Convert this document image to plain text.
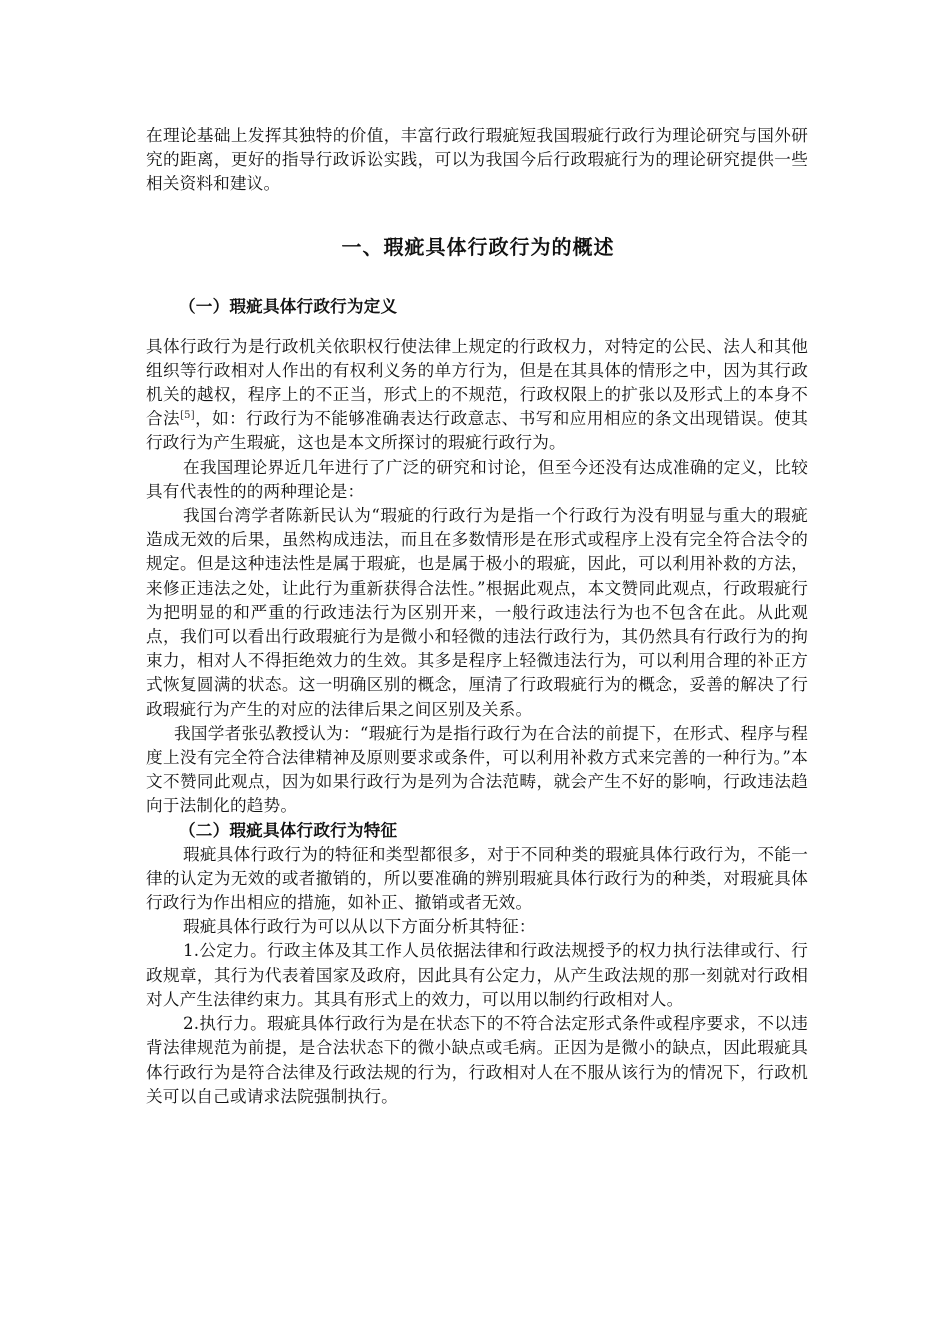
在理论基础上发挥其独特的价值，丰富行政行瑕疵短我国瑕疵行政行为理论研究与国外研究的距离，更好的指导行政诉讼实践，可以为我国今后行政瑕疵行为的理论研究提供一些相关资料和建议。

一、瑕疵具体行政行为的概述

（一）瑕疵具体行政行为定义

具体行政行为是行政机关依职权行使法律上规定的行政权力，对特定的公民、法人和其他组织等行政相对人作出的有权利义务的单方行为，但是在其具体的情形之中，因为其行政机关的越权，程序上的不正当，形式上的不规范，行政权限上的扩张以及形式上的本身不合法[5]，如：行政行为不能够准确表达行政意志、书写和应用相应的条文出现错误。使其行政行为产生瑕疵，这也是本文所探讨的瑕疵行政行为。

在我国理论界近几年进行了广泛的研究和讨论，但至今还没有达成准确的定义，比较具有代表性的的两种理论是：

我国台湾学者陈新民认为“瑕疵的行政行为是指一个行政行为没有明显与重大的瑕疵造成无效的后果，虽然构成违法，而且在多数情形是在形式或程序上没有完全符合法令的规定。但是这种违法性是属于瑕疵，也是属于极小的瑕疵，因此，可以利用补救的方法，来修正违法之处，让此行为重新获得合法性。”根据此观点，本文赞同此观点，行政瑕疵行为把明显的和严重的行政违法行为区别开来，一般行政违法行为也不包含在此。从此观点，我们可以看出行政瑕疵行为是微小和轻微的违法行政行为，其仍然具有行政行为的拘束力，相对人不得拒绝效力的生效。其多是程序上轻微违法行为，可以利用合理的补正方式恢复圆满的状态。这一明确区别的概念，厘清了行政瑕疵行为的概念，妥善的解决了行政瑕疵行为产生的对应的法律后果之间区别及关系。

我国学者张弘教授认为：“瑕疵行为是指行政行为在合法的前提下，在形式、程序与程度上没有完全符合法律精神及原则要求或条件，可以利用补救方式来完善的一种行为。”本文不赞同此观点，因为如果行政行为是列为合法范畴，就会产生不好的影响，行政违法趋向于法制化的趋势。

（二）瑕疵具体行政行为特征

瑕疵具体行政行为的特征和类型都很多，对于不同种类的瑕疵具体行政行为，不能一律的认定为无效的或者撤销的，所以要准确的辨别瑕疵具体行政行为的种类，对瑕疵具体行政行为作出相应的措施，如补正、撤销或者无效。

瑕疵具体行政行为可以从以下方面分析其特征：

1.公定力。行政主体及其工作人员依据法律和行政法规授予的权力执行法律或行、行政规章，其行为代表着国家及政府，因此具有公定力，从产生政法规的那一刻就对行政相对人产生法律约束力。其具有形式上的效力，可以用以制约行政相对人。

2.执行力。瑕疵具体行政行为是在状态下的不符合法定形式条件或程序要求，不以违背法律规范为前提，是合法状态下的微小缺点或毛病。正因为是微小的缺点，因此瑕疵具体行政行为是符合法律及行政法规的行为，行政相对人在不服从该行为的情况下，行政机关可以自己或请求法院强制执行。
